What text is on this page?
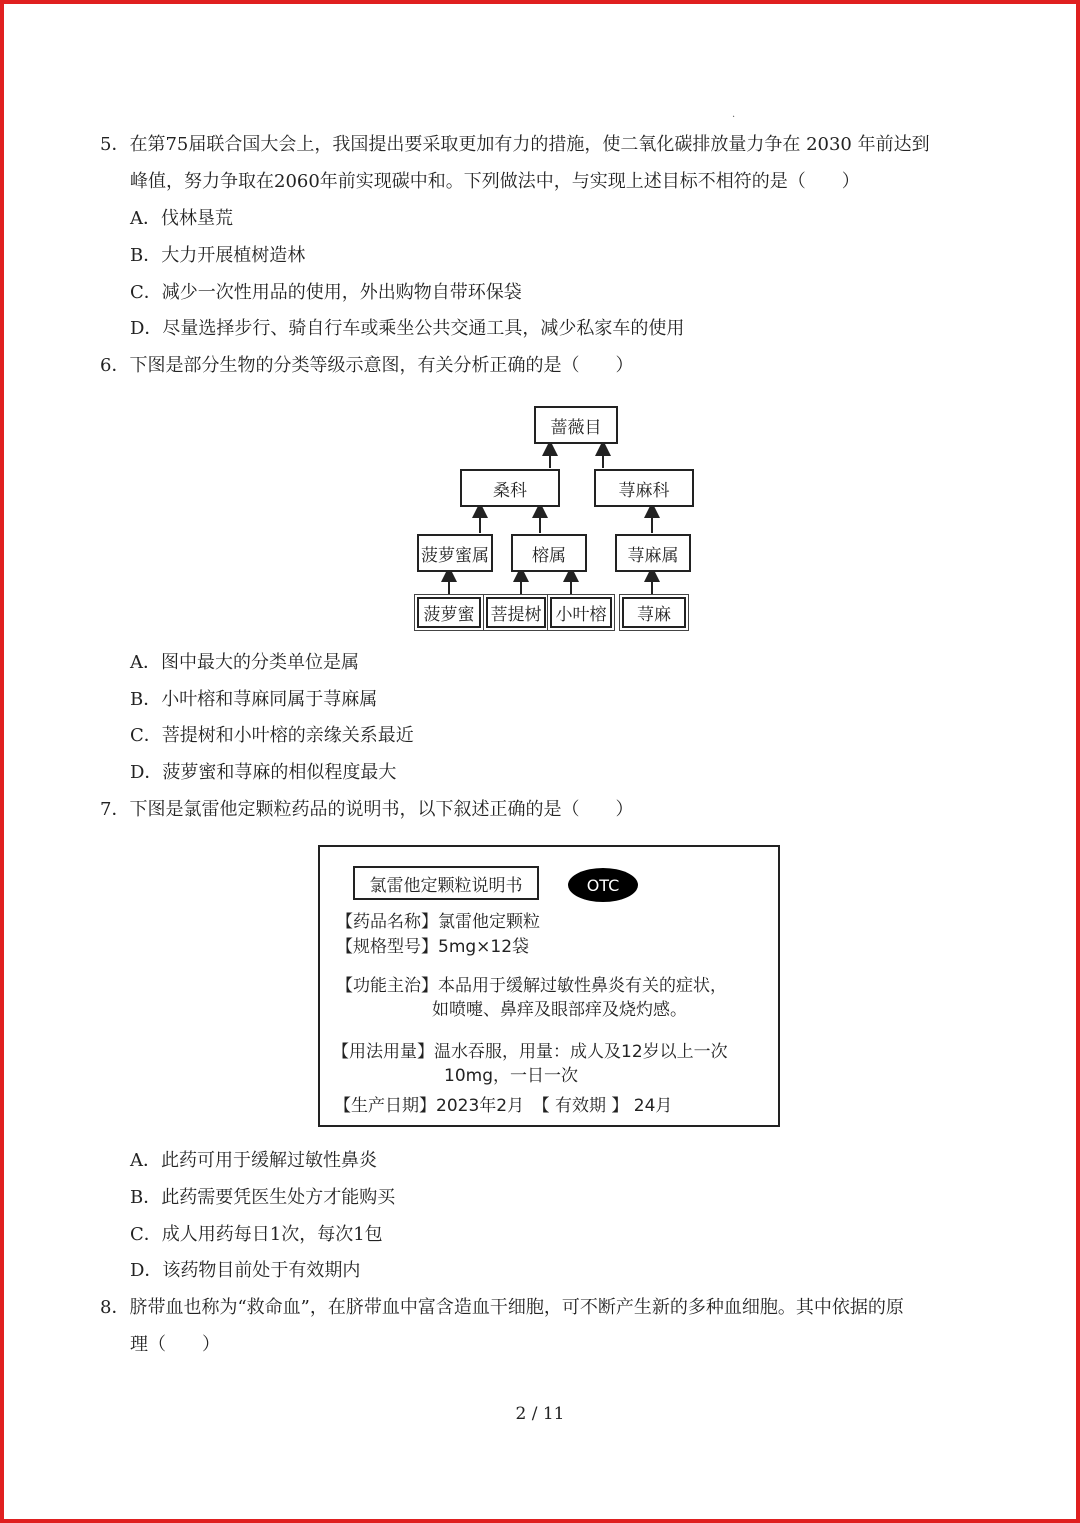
·
5．在第75届联合国大会上，我国提出要采取更加有力的措施，使二氧化碳排放量力争在 2030 年前达到
峰值，努力争取在2060年前实现碳中和。下列做法中，与实现上述目标不相符的是（　　）
A．伐林垦荒
B．大力开展植树造林
C．减少一次性用品的使用，外出购物自带环保袋
D．尽量选择步行、骑自行车或乘坐公共交通工具，减少私家车的使用
6．下图是部分生物的分类等级示意图，有关分析正确的是（　　）
蔷薇目
桑科	荨麻科
菠萝蜜属	榕属	荨麻属
菠萝蜜 菩提树 小叶榕	荨麻
A．图中最大的分类单位是属
B．小叶榕和荨麻同属于荨麻属
C．菩提树和小叶榕的亲缘关系最近
D．菠萝蜜和荨麻的相似程度最大
7．下图是氯雷他定颗粒药品的说明书，以下叙述正确的是（　　）
氯雷他定颗粒说明书	OTC
【药品名称】氯雷他定颗粒
【规格型号】5mg×12袋
【功能主治】本品用于缓解过敏性鼻炎有关的症状，
如喷嚏、鼻痒及眼部痒及烧灼感。
【用法用量】温水吞服，用量：成人及12岁以上一次
10mg，一日一次
【生产日期】2023年2月　【 有效期 】 24月
A．此药可用于缓解过敏性鼻炎
B．此药需要凭医生处方才能购买
C．成人用药每日1次，每次1包
D．该药物目前处于有效期内
8．脐带血也称为“救命血”，在脐带血中富含造血干细胞，可不断产生新的多种血细胞。其中依据的原
理（　　）
2 / 11
